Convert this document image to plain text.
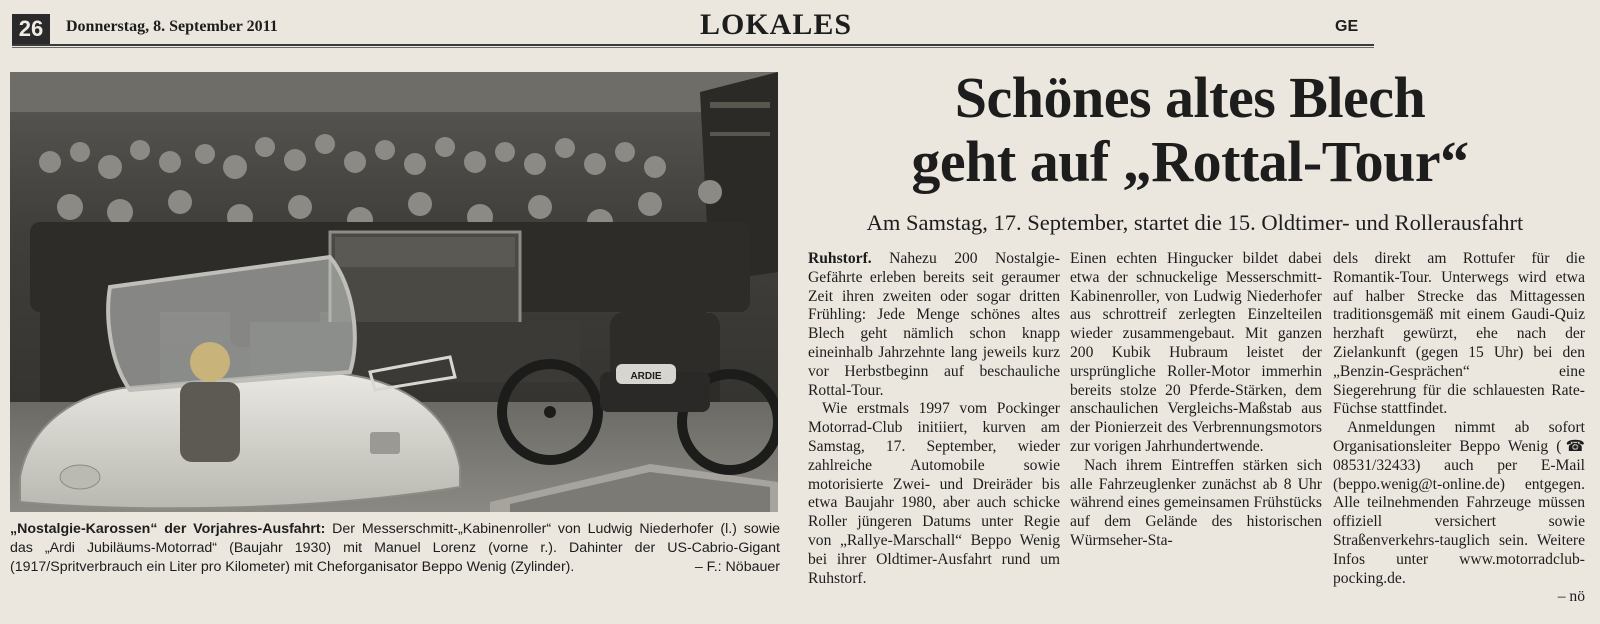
26	Donnerstag, 8. September 2011	LOKALES	GE
ARDIE
„Nostalgie-Karossen“ der Vorjahres-Ausfahrt: Der Messerschmitt-„Kabinenroller“ von Ludwig Niederhofer (l.) sowie das „Ardi Jubiläums-Motorrad“ (Baujahr 1930) mit Manuel Lorenz (vorne r.). Dahinter der US-Cabrio-Gigant (1917/Spritverbrauch ein Liter pro Kilometer) mit Cheforganisator Beppo Wenig (Zylinder).	– F.: Nöbauer
Schönes altes Blech
geht auf „Rottal-Tour“
Am Samstag, 17. September, startet die 15. Oldtimer- und Rollerausfahrt

Ruhstorf. Nahezu 200 Nostalgie-Gefährte erleben bereits seit geraumer Zeit ihren zweiten oder sogar dritten Frühling: Jede Menge schönes altes Blech geht nämlich schon knapp eineinhalb Jahrzehnte lang jeweils kurz vor Herbstbeginn auf beschauliche Rottal-Tour.

Wie erstmals 1997 vom Pockinger Motorrad-Club initiiert, kurven am Samstag, 17. September, wieder zahlreiche Automobile sowie motorisierte Zwei- und Dreiräder bis etwa Baujahr 1980, aber auch schicke Roller jüngeren Datums unter Regie von „Rallye-Marschall“ Beppo Wenig bei ihrer Oldtimer-Ausfahrt rund um Ruhstorf.

Einen echten Hingucker bildet dabei etwa der schnuckelige Messerschmitt-Kabinenroller, von Ludwig Niederhofer aus schrottreif zerlegten Einzelteilen wieder zusammengebaut. Mit ganzen 200 Kubik Hubraum leistet der ursprüngliche Roller-Motor immerhin bereits stolze 20 Pferde-Stärken, dem anschaulichen Vergleichs-Maßstab aus der Pionierzeit des Verbrennungsmotors zur vorigen Jahrhundertwende.

Nach ihrem Eintreffen stärken sich alle Fahrzeuglenker zunächst ab 8 Uhr während eines gemeinsamen Frühstücks auf dem Gelände des historischen Würmseher-Sta-

dels direkt am Rottufer für die Romantik-Tour. Unterwegs wird etwa auf halber Strecke das Mittagessen traditionsgemäß mit einem Gaudi-Quiz herzhaft gewürzt, ehe nach der Zielankunft (gegen 15 Uhr) bei den „Benzin-Gesprächen“ eine Siegerehrung für die schlauesten Rate-Füchse stattfindet.

Anmeldungen nimmt ab sofort Organisationsleiter Beppo Wenig (☎ 08531/32433) auch per E-Mail (beppo.wenig@t-online.de) entgegen. Alle teilnehmenden Fahrzeuge müssen offiziell versichert sowie Straßenverkehrs-tauglich sein. Weitere Infos unter www.motorradclub-pocking.de.

– nö
